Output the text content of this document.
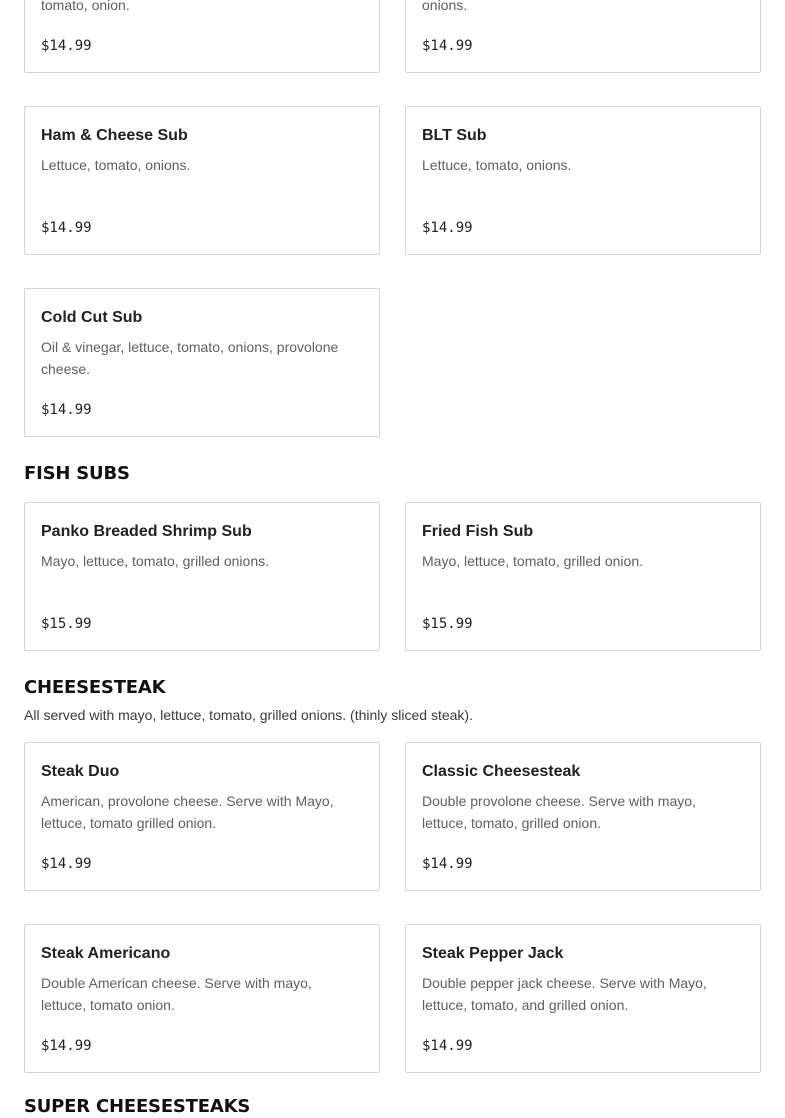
tomato, onion.
$14.99
onions.
$14.99
Ham & Cheese Sub
Lettuce, tomato, onions.
$14.99
BLT Sub
Lettuce, tomato, onions.
$14.99
Cold Cut Sub
Oil & vinegar, lettuce, tomato, onions, provolone cheese.
$14.99
FISH SUBS
Panko Breaded Shrimp Sub
Mayo, lettuce, tomato, grilled onions.
$15.99
Fried Fish Sub
Mayo, lettuce, tomato, grilled onion.
$15.99
CHEESESTEAK
All served with mayo, lettuce, tomato, grilled onions. (thinly sliced steak).
Steak Duo
American, provolone cheese. Serve with Mayo, lettuce, tomato grilled onion.
$14.99
Classic Cheesesteak
Double provolone cheese. Serve with mayo, lettuce, tomato, grilled onion.
$14.99
Steak Americano
Double American cheese. Serve with mayo, lettuce, tomato onion.
$14.99
Steak Pepper Jack
Double pepper jack cheese. Serve with Mayo, lettuce, tomato, and grilled onion.
$14.99
SUPER CHEESESTEAKS
